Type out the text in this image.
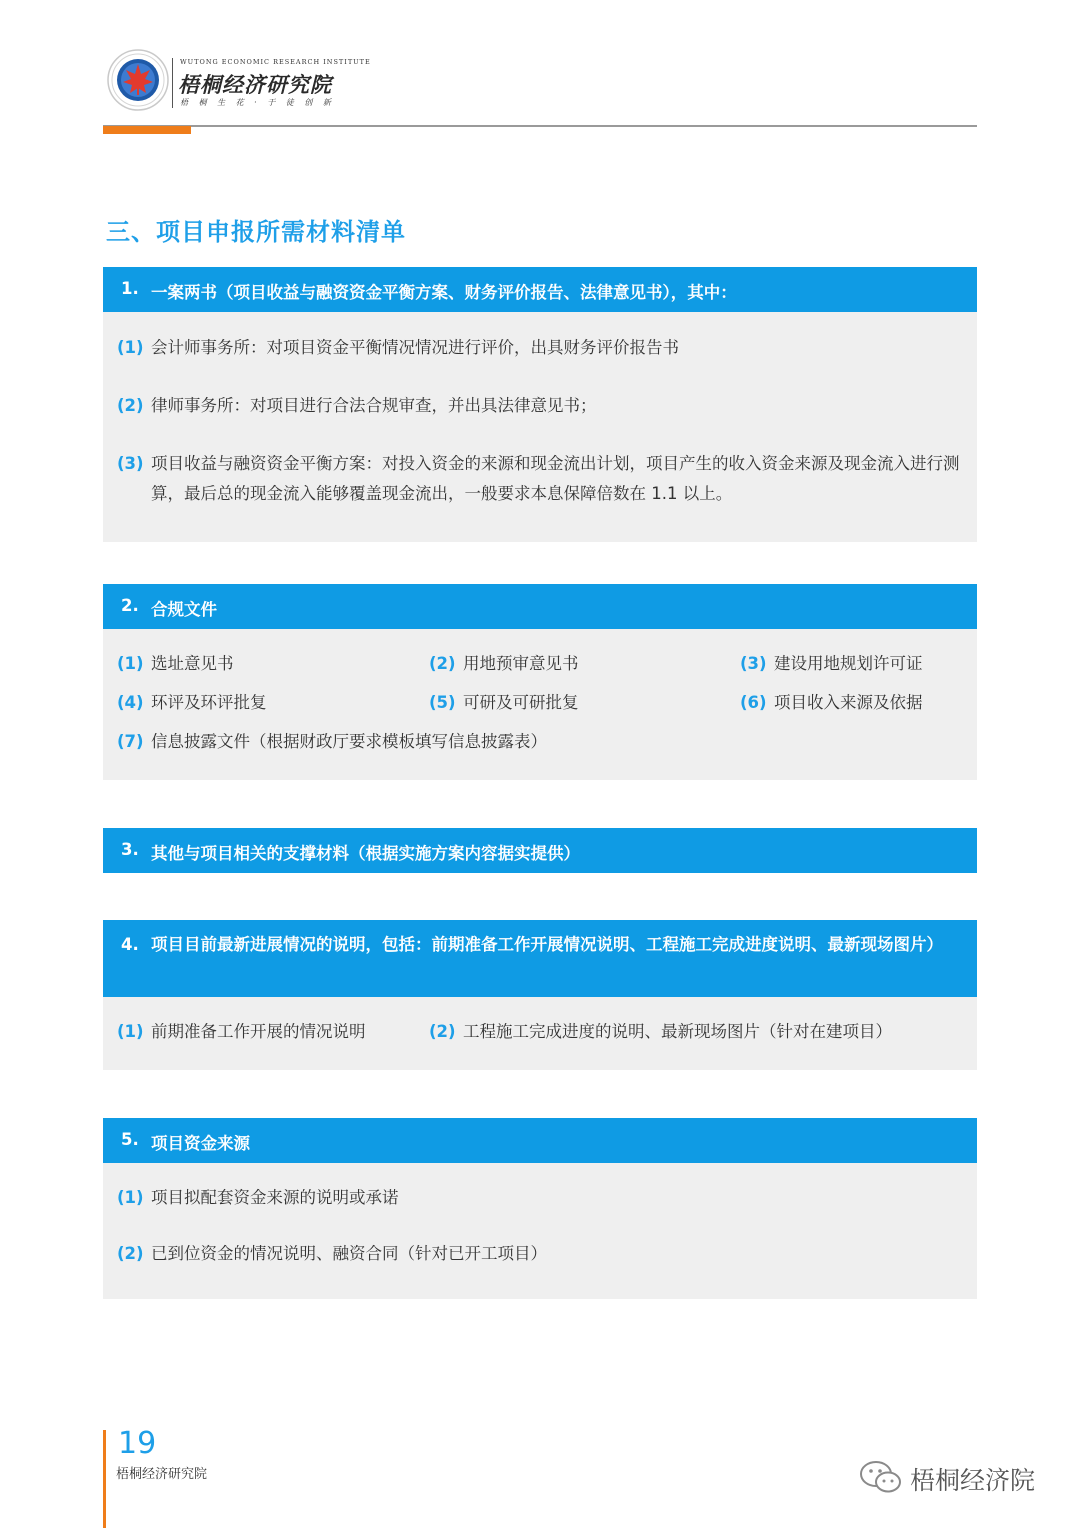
WUTONG ECONOMIC RESEARCH INSTITUTE
梧桐经济研究院
梧 桐 生 花 · 于 徒 创 新
三、项目申报所需材料清单
1. 一案两书（项目收益与融资资金平衡方案、财务评价报告、法律意见书），其中：
(1) 会计师事务所：对项目资金平衡情况情况进行评价，出具财务评价报告书
(2) 律师事务所：对项目进行合法合规审查，并出具法律意见书；
(3) 项目收益与融资资金平衡方案：对投入资金的来源和现金流出计划，项目产生的收入资金来源及现金流入进行测算，最后总的现金流入能够覆盖现金流出，一般要求本息保障倍数在 1.1 以上。
2. 合规文件
(1) 选址意见书	(2) 用地预审意见书	(3) 建设用地规划许可证
(4) 环评及环评批复	(5) 可研及可研批复	(6) 项目收入来源及依据
(7) 信息披露文件（根据财政厅要求模板填写信息披露表）
3. 其他与项目相关的支撑材料（根据实施方案内容据实提供）
4. 项目目前最新进展情况的说明，包括：前期准备工作开展情况说明、工程施工完成进度说明、最新现场图片）
(1) 前期准备工作开展的情况说明	(2) 工程施工完成进度的说明、最新现场图片（针对在建项目）
5. 项目资金来源
(1) 项目拟配套资金来源的说明或承诺
(2) 已到位资金的情况说明、融资合同（针对已开工项目）
19
梧桐经济研究院	梧桐经济院
